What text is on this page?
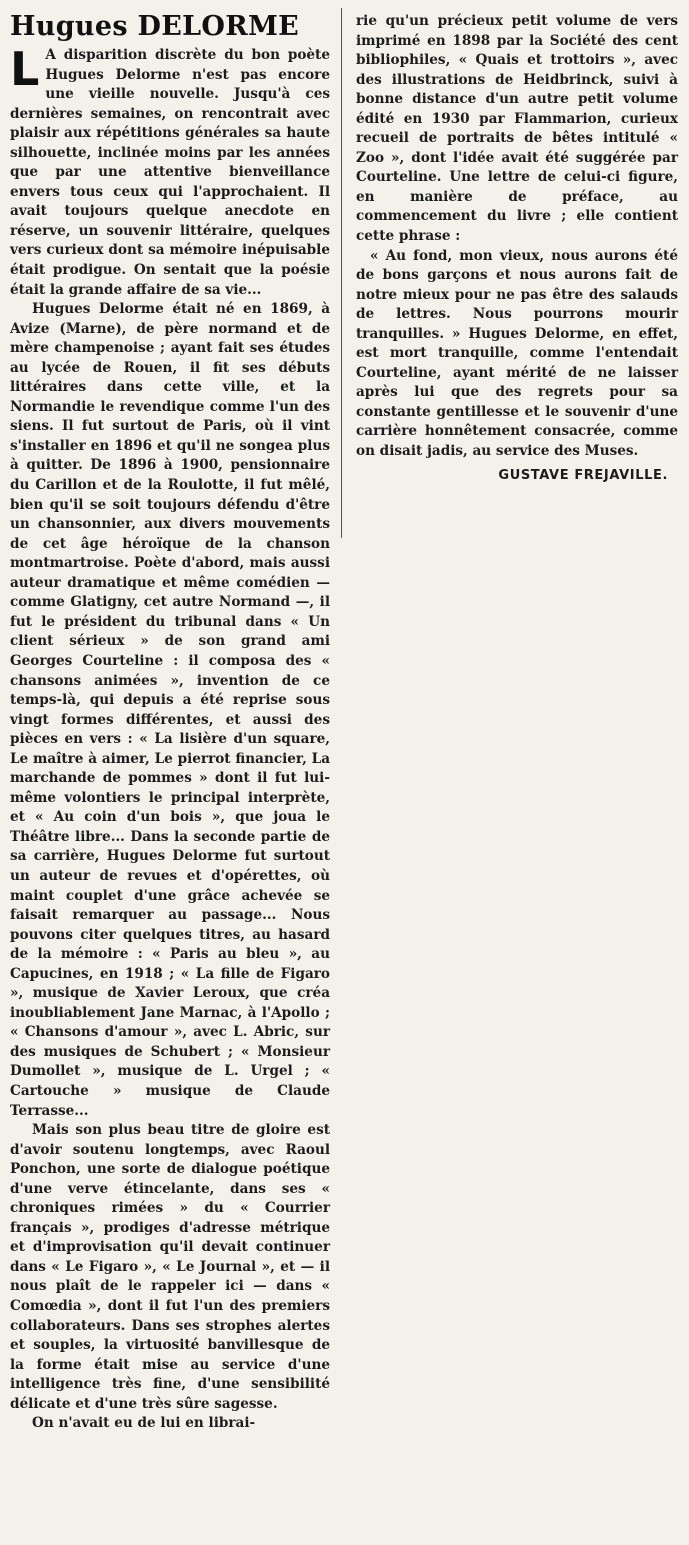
Hugues DELORME

L A disparition discrète du bon poète Hugues Delorme n'est pas encore une vieille nouvelle. Jusqu'à ces dernières semaines, on rencontrait avec plaisir aux répétitions générales sa haute silhouette, inclinée moins par les années que par une attentive bienveillance envers tous ceux qui l'approchaient. Il avait toujours quelque anecdote en réserve, un souvenir littéraire, quelques vers curieux dont sa mémoire inépuisable était prodigue. On sentait que la poésie était la grande affaire de sa vie...

Hugues Delorme était né en 1869, à Avize (Marne), de père normand et de mère champenoise ; ayant fait ses études au lycée de Rouen, il fit ses débuts littéraires dans cette ville, et la Normandie le revendique comme l'un des siens. Il fut surtout de Paris, où il vint s'installer en 1896 et qu'il ne songea plus à quitter. De 1896 à 1900, pensionnaire du Carillon et de la Roulotte, il fut mêlé, bien qu'il se soit toujours défendu d'être un chansonnier, aux divers mouvements de cet âge héroïque de la chanson montmartroise. Poète d'abord, mais aussi auteur dramatique et même comédien — comme Glatigny, cet autre Normand —, il fut le président du tribunal dans « Un client sérieux » de son grand ami Georges Courteline : il composa des « chansons animées », invention de ce temps-là, qui depuis a été reprise sous vingt formes différentes, et aussi des pièces en vers : « La lisière d'un square, Le maître à aimer, Le pierrot financier, La marchande de pommes » dont il fut lui-même volontiers le principal interprète, et « Au coin d'un bois », que joua le Théâtre libre... Dans la seconde partie de sa carrière, Hugues Delorme fut surtout un auteur de revues et d'opérettes, où maint couplet d'une grâce achevée se faisait remarquer au passage... Nous pouvons citer quelques titres, au hasard de la mémoire : « Paris au bleu », au Capucines, en 1918 ; « La fille de Figaro », musique de Xavier Leroux, que créa inoubliablement Jane Marnac, à l'Apollo ; « Chansons d'amour », avec L. Abric, sur des musiques de Schubert ; « Monsieur Dumollet », musique de L. Urgel ; « Cartouche » musique de Claude Terrasse...

Mais son plus beau titre de gloire est d'avoir soutenu longtemps, avec Raoul Ponchon, une sorte de dialogue poétique d'une verve étincelante, dans ses « chroniques rimées » du « Courrier français », prodiges d'adresse métrique et d'improvisation qu'il devait continuer dans « Le Figaro », « Le Journal », et — il nous plaît de le rappeler ici — dans « Comœdia », dont il fut l'un des premiers collaborateurs. Dans ses strophes alertes et souples, la virtuosité banvillesque de la forme était mise au service d'une intelligence très fine, d'une sensibilité délicate et d'une très sûre sagesse.

On n'avait eu de lui en librai-

rie qu'un précieux petit volume de vers imprimé en 1898 par la Société des cent bibliophiles, « Quais et trottoirs », avec des illustrations de Heidbrinck, suivi à bonne distance d'un autre petit volume édité en 1930 par Flammarion, curieux recueil de portraits de bêtes intitulé « Zoo », dont l'idée avait été suggérée par Courteline. Une lettre de celui-ci figure, en manière de préface, au commencement du livre ; elle contient cette phrase :

« Au fond, mon vieux, nous aurons été de bons garçons et nous aurons fait de notre mieux pour ne pas être des salauds de lettres. Nous pourrons mourir tranquilles. » Hugues Delorme, en effet, est mort tranquille, comme l'entendait Courteline, ayant mérité de ne laisser après lui que des regrets pour sa constante gentillesse et le souvenir d'une carrière honnêtement consacrée, comme on disait jadis, au service des Muses.

GUSTAVE FREJAVILLE.
